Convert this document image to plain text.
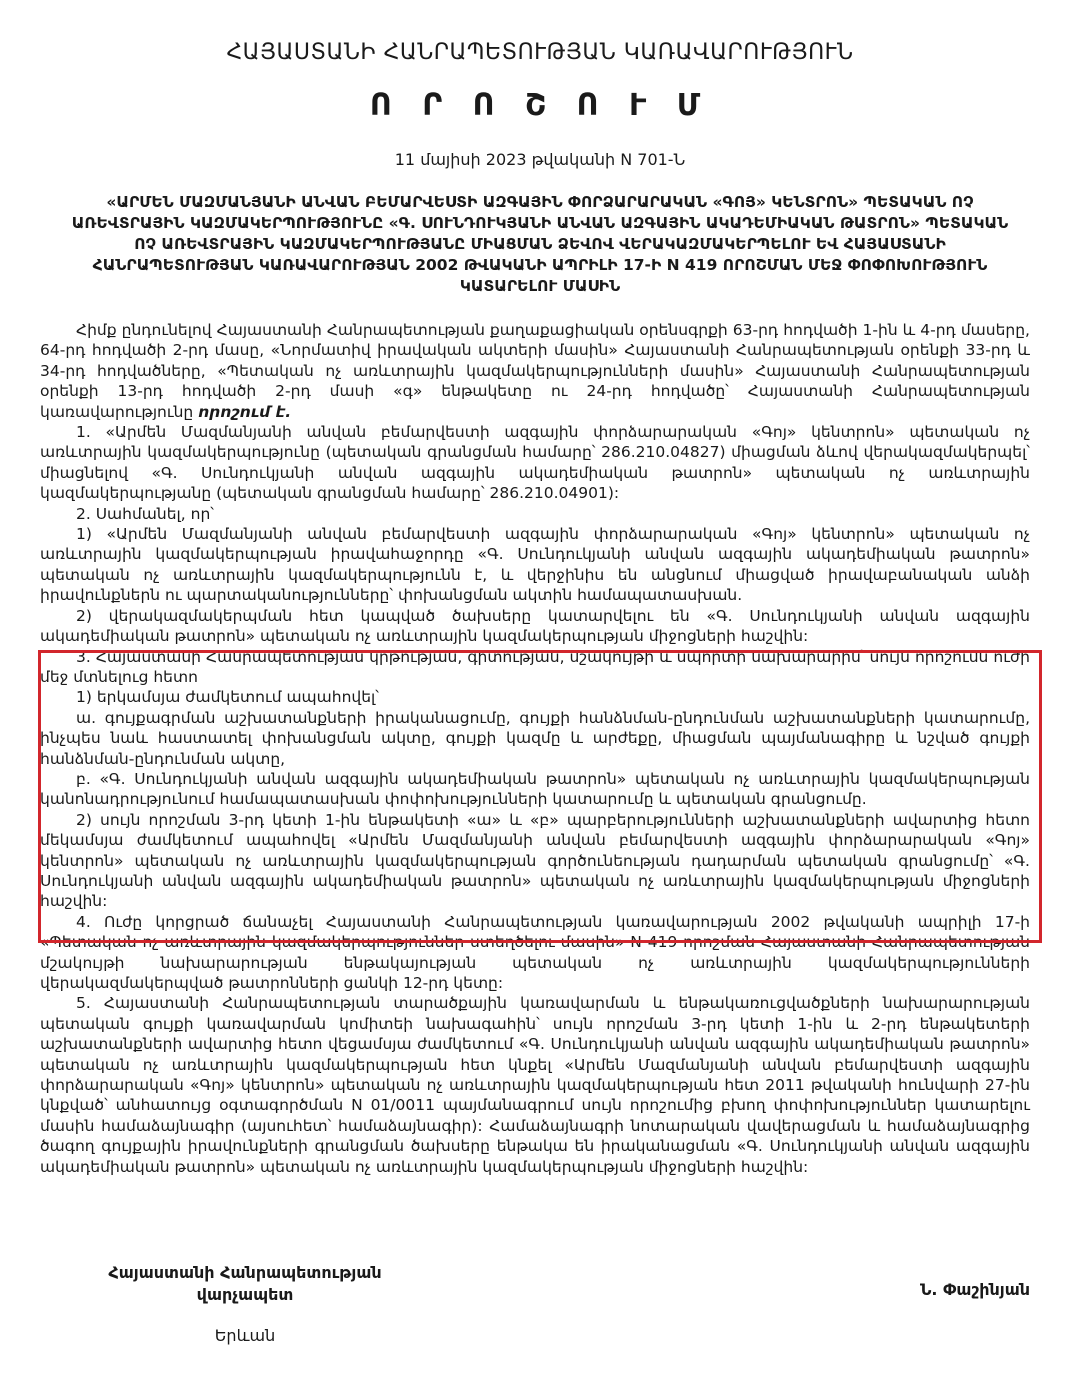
ՀԱՅԱՍՏԱՆԻ ՀԱՆՐԱՊԵՏՈՒԹՅԱՆ ԿԱՌԱՎԱՐՈՒԹՅՈՒՆ
Ո Ր Ո Շ Ո Ւ Մ
11 մայիսի 2023 թվականի N 701-Ն
«ԱՐՄԵՆ ՄԱԶՄԱՆՅԱՆԻ ԱՆՎԱՆ ԲԵՄԱՐՎԵՍՏԻ ԱԶԳԱՅԻՆ ՓՈՐՁԱՐԱՐԱԿԱՆ «ԳՈՅ» ԿԵՆՏՐՈՆ» ՊԵՏԱԿԱՆ ՈՉ ԱՌԵՎՏՐԱՅԻՆ ԿԱԶՄԱԿԵՐՊՈՒԹՅՈՒՆԸ «Գ. ՍՈՒՆԴՈՒԿՅԱՆԻ ԱՆՎԱՆ ԱԶԳԱՅԻՆ ԱԿԱԴԵՄԻԱԿԱՆ ԹԱՏՐՈՆ» ՊԵՏԱԿԱՆ ՈՉ ԱՌԵՎՏՐԱՅԻՆ ԿԱԶՄԱԿԵՐՊՈՒԹՅԱՆԸ ՄԻԱՑՄԱՆ ՁԵՎՈՎ ՎԵՐԱԿԱԶՄԱԿԵՐՊԵԼՈՒ ԵՎ ՀԱՅԱՍՏԱՆԻ ՀԱՆՐԱՊԵՏՈՒԹՅԱՆ ԿԱՌԱՎԱՐՈՒԹՅԱՆ 2002 ԹՎԱԿԱՆԻ ԱՊՐԻԼԻ 17-Ի N 419 ՈՐՈՇՄԱՆ ՄԵՋ ՓՈՓՈԽՈՒԹՅՈՒՆ ԿԱՏԱՐԵԼՈՒ ՄԱՍԻՆ

Հիմք ընդունելով Հայաստանի Հանրապետության քաղաքացիական օրենսգրքի 63-րդ հոդվածի 1-ին և 4-րդ մասերը, 64-րդ հոդվածի 2-րդ մասը, «Նորմատիվ իրավական ակտերի մասին» Հայաստանի Հանրապետության օրենքի 33-րդ և 34-րդ հոդվածները, «Պետական ոչ առևտրային կազմակերպությունների մասին» Հայաստանի Հանրապետության օրենքի 13-րդ հոդվածի 2-րդ մասի «գ» ենթակետը ու 24-րդ հոդվածը՝ Հայաստանի Հանրապետության կառավարությունը որոշում է.

1. «Արմեն Մազմանյանի անվան բեմարվեստի ազգային փորձարարական «Գոյ» կենտրոն» պետական ոչ առևտրային կազմակերպությունը (պետական գրանցման համարը՝ 286.210.04827) միացման ձևով վերակազմակերպել՝ միացնելով «Գ. Սունդուկյանի անվան ազգային ակադեմիական թատրոն» պետական ոչ առևտրային կազմակերպությանը (պետական գրանցման համարը՝ 286.210.04901):

2. Սահմանել, որ՝

1) «Արմեն Մազմանյանի անվան բեմարվեստի ազգային փորձարարական «Գոյ» կենտրոն» պետական ոչ առևտրային կազմակերպության իրավահաջորդը «Գ. Սունդուկյանի անվան ազգային ակադեմիական թատրոն» պետական ոչ առևտրային կազմակերպությունն է, և վերջինիս են անցնում միացված իրավաբանական անձի իրավունքներն ու պարտականությունները՝ փոխանցման ակտին համապատասխան.

2) վերակազմակերպման հետ կապված ծախսերը կատարվելու են «Գ. Սունդուկյանի անվան ազգային ակադեմիական թատրոն» պետական ոչ առևտրային կազմակերպության միջոցների հաշվին:

3. Հայաստանի Հանրապետության կրթության, գիտության, մշակույթի և սպորտի նախարարին՝ սույն որոշումն ուժի մեջ մտնելուց հետո

1) երկամսյա ժամկետում ապահովել՝

ա. գույքագրման աշխատանքների իրականացումը, գույքի հանձնման-ընդունման աշխատանքների կատարումը, ինչպես նաև հաստատել փոխանցման ակտը, գույքի կազմը և արժեքը, միացման պայմանագիրը և նշված գույքի հանձնման-ընդունման ակտը,

բ. «Գ. Սունդուկյանի անվան ազգային ակադեմիական թատրոն» պետական ոչ առևտրային կազմակերպության կանոնադրությունում համապատասխան փոփոխությունների կատարումը և պետական գրանցումը.

2) սույն որոշման 3-րդ կետի 1-ին ենթակետի «ա» և «բ» պարբերությունների աշխատանքների ավարտից հետո մեկամսյա ժամկետում ապահովել «Արմեն Մազմանյանի անվան բեմարվեստի ազգային փորձարարական «Գոյ» կենտրոն» պետական ոչ առևտրային կազմակերպության գործունեության դադարման պետական գրանցումը՝ «Գ. Սունդուկյանի անվան ազգային ակադեմիական թատրոն» պետական ոչ առևտրային կազմակերպության միջոցների հաշվին:

4. Ուժը կորցրած ճանաչել Հայաստանի Հանրապետության կառավարության 2002 թվականի ապրիլի 17-ի «Պետական ոչ առևտրային կազմակերպություններ ստեղծելու մասին» N 419 որոշման Հայաստանի Հանրապետության մշակույթի նախարարության ենթակայության պետական ոչ առևտրային կազմակերպությունների վերակազմակերպված թատրոնների ցանկի 12-րդ կետը:

5. Հայաստանի Հանրապետության տարածքային կառավարման և ենթակառուցվածքների նախարարության պետական գույքի կառավարման կոմիտեի նախագահին՝ սույն որոշման 3-րդ կետի 1-ին և 2-րդ ենթակետերի աշխատանքների ավարտից հետո վեցամսյա ժամկետում «Գ. Սունդուկյանի անվան ազգային ակադեմիական թատրոն» պետական ոչ առևտրային կազմակերպության հետ կնքել «Արմեն Մազմանյանի անվան բեմարվեստի ազգային փորձարարական «Գոյ» կենտրոն» պետական ոչ առևտրային կազմակերպության հետ 2011 թվականի հունվարի 27-ին կնքված՝ անհատույց օգտագործման N 01/0011 պայմանագրում սույն որոշումից բխող փոփոխություններ կատարելու մասին համաձայնագիր (այսուհետ՝ համաձայնագիր): Համաձայնագրի նոտարական վավերացման և համաձայնագրից ծագող գույքային իրավունքների գրանցման ծախսերը ենթակա են իրականացման «Գ. Սունդուկյանի անվան ազգային ակադեմիական թատրոն» պետական ոչ առևտրային կազմակերպության միջոցների հաշվին:

Հայաստանի Հանրապետության
վարչապետ	Ն. Փաշինյան
Երևան
